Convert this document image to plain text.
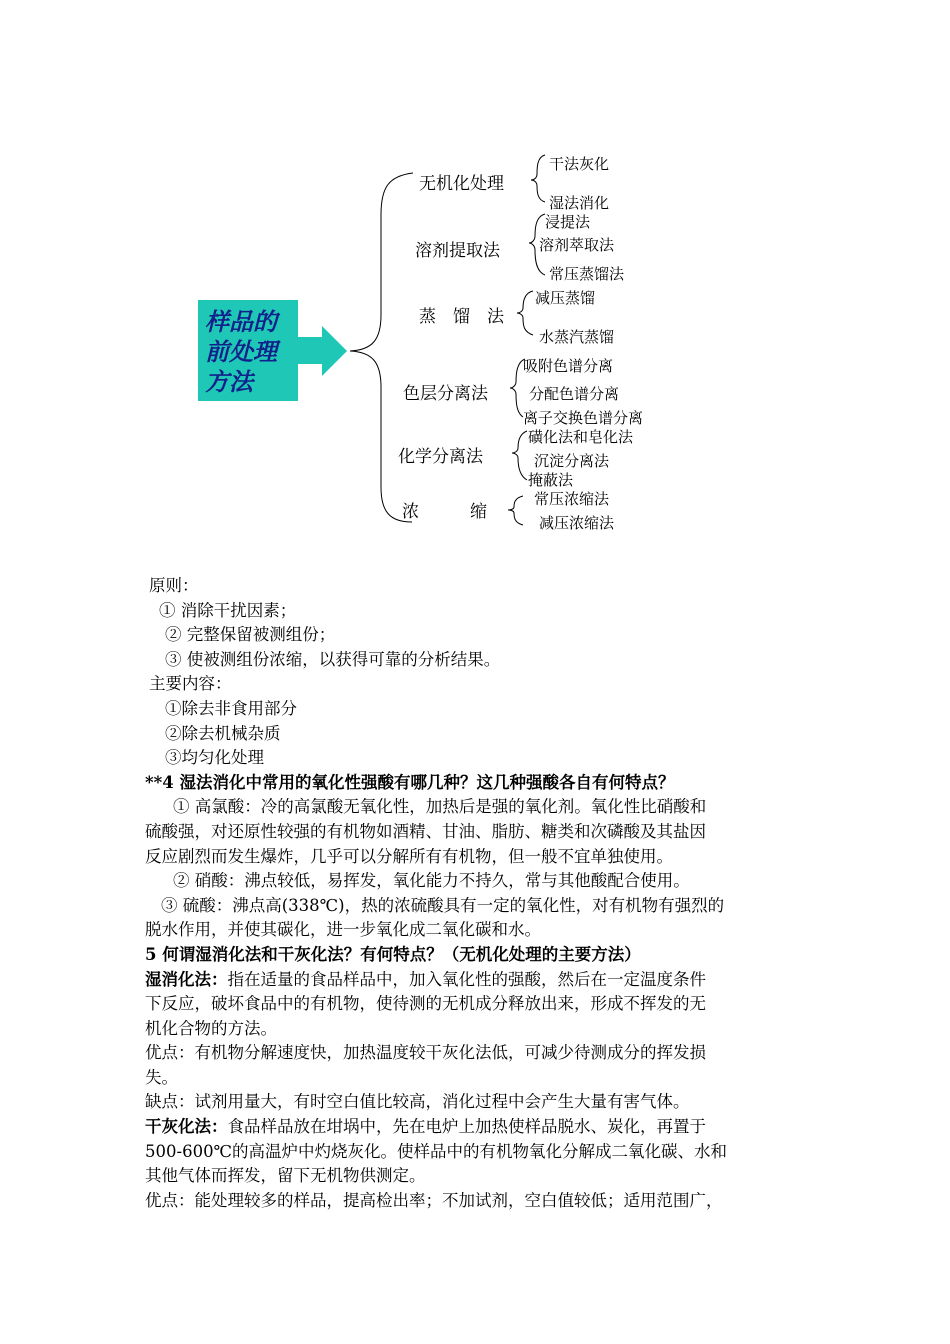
样品的
前处理
方法
无机化处理
溶剂提取法
蒸　馏　法
色层分离法
化学分离法
浓　　　缩
干法灰化
湿法消化
浸提法
溶剂萃取法
常压蒸馏法
减压蒸馏
水蒸汽蒸馏
吸附色谱分离
分配色谱分离
离子交换色谱分离
磺化法和皂化法
沉淀分离法
掩蔽法
常压浓缩法
减压浓缩法
原则：
① 消除干扰因素；
② 完整保留被测组份；
③ 使被测组份浓缩，以获得可靠的分析结果。
主要内容：
①除去非食用部分
②除去机械杂质
③均匀化处理
**4 湿法消化中常用的氧化性强酸有哪几种？这几种强酸各自有何特点？
① 高氯酸：冷的高氯酸无氧化性，加热后是强的氧化剂。氧化性比硝酸和
硫酸强，对还原性较强的有机物如酒精、甘油、脂肪、糖类和次磷酸及其盐因
反应剧烈而发生爆炸，几乎可以分解所有有机物，但一般不宜单独使用。
② 硝酸：沸点较低，易挥发，氧化能力不持久，常与其他酸配合使用。
③ 硫酸：沸点高(338℃)，热的浓硫酸具有一定的氧化性，对有机物有强烈的
脱水作用，并使其碳化，进一步氧化成二氧化碳和水。
5 何谓湿消化法和干灰化法？有何特点？（无机化处理的主要方法）
湿消化法：指在适量的食品样品中，加入氧化性的强酸，然后在一定温度条件
下反应，破坏食品中的有机物，使待测的无机成分释放出来，形成不挥发的无
机化合物的方法。
优点：有机物分解速度快，加热温度较干灰化法低，可减少待测成分的挥发损
失。
缺点：试剂用量大，有时空白值比较高，消化过程中会产生大量有害气体。
干灰化法：食品样品放在坩埚中，先在电炉上加热使样品脱水、炭化，再置于
500-600℃的高温炉中灼烧灰化。使样品中的有机物氧化分解成二氧化碳、水和
其他气体而挥发，留下无机物供测定。
优点：能处理较多的样品，提高检出率；不加试剂，空白值较低；适用范围广，
